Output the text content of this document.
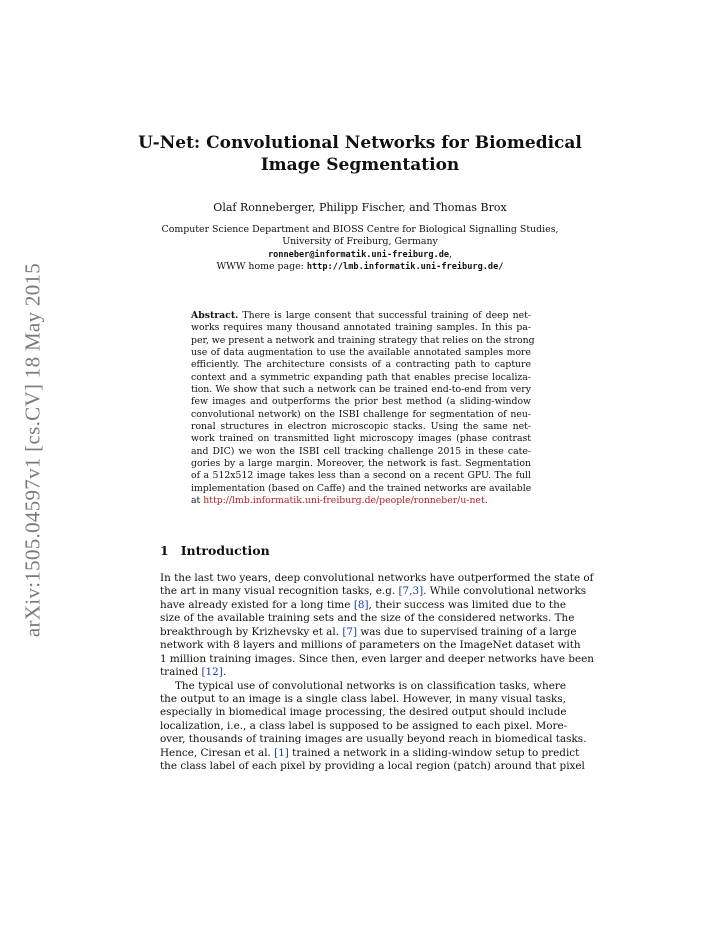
arXiv:1505.04597v1 [cs.CV] 18 May 2015
U-Net: Convolutional Networks for Biomedical
Image Segmentation
Olaf Ronneberger, Philipp Fischer, and Thomas Brox
Computer Science Department and BIOSS Centre for Biological Signalling Studies,
University of Freiburg, Germany
ronneber@informatik.uni-freiburg.de,
WWW home page: http://lmb.informatik.uni-freiburg.de/
Abstract. There is large consent that successful training of deep net-
works requires many thousand annotated training samples. In this pa-
per, we present a network and training strategy that relies on the strong
use of data augmentation to use the available annotated samples more
efficiently. The architecture consists of a contracting path to capture
context and a symmetric expanding path that enables precise localiza-
tion. We show that such a network can be trained end-to-end from very
few images and outperforms the prior best method (a sliding-window
convolutional network) on the ISBI challenge for segmentation of neu-
ronal structures in electron microscopic stacks. Using the same net-
work trained on transmitted light microscopy images (phase contrast
and DIC) we won the ISBI cell tracking challenge 2015 in these cate-
gories by a large margin. Moreover, the network is fast. Segmentation
of a 512x512 image takes less than a second on a recent GPU. The full
implementation (based on Caffe) and the trained networks are available
at http://lmb.informatik.uni-freiburg.de/people/ronneber/u-net.
1 Introduction
In the last two years, deep convolutional networks have outperformed the state of
the art in many visual recognition tasks, e.g. [7,3]. While convolutional networks
have already existed for a long time [8], their success was limited due to the
size of the available training sets and the size of the considered networks. The
breakthrough by Krizhevsky et al. [7] was due to supervised training of a large
network with 8 layers and millions of parameters on the ImageNet dataset with
1 million training images. Since then, even larger and deeper networks have been
trained [12].
The typical use of convolutional networks is on classification tasks, where
the output to an image is a single class label. However, in many visual tasks,
especially in biomedical image processing, the desired output should include
localization, i.e., a class label is supposed to be assigned to each pixel. More-
over, thousands of training images are usually beyond reach in biomedical tasks.
Hence, Ciresan et al. [1] trained a network in a sliding-window setup to predict
the class label of each pixel by providing a local region (patch) around that pixel
